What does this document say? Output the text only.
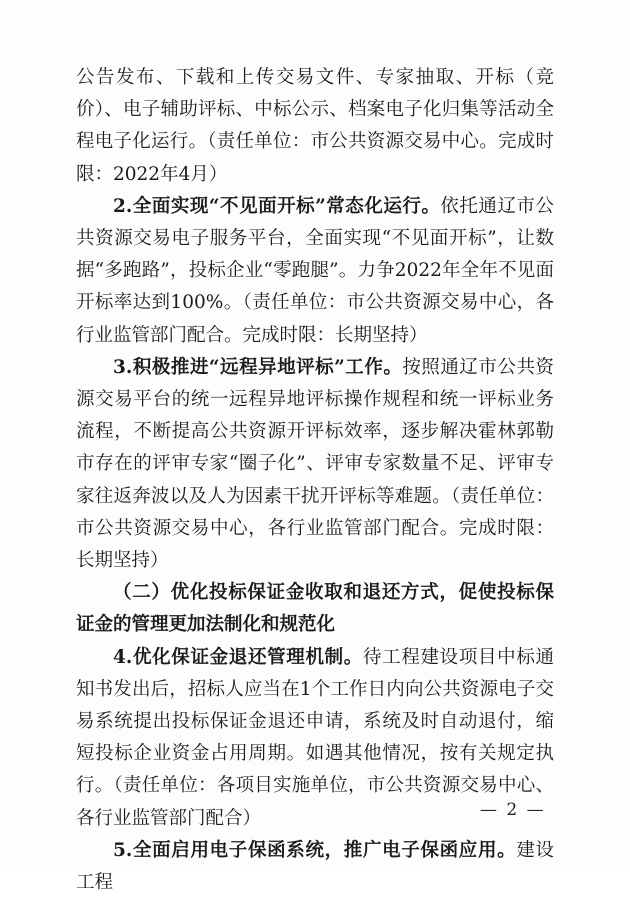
公告发布、下载和上传交易文件、专家抽取、开标（竞价）、电子辅助评标、中标公示、档案电子化归集等活动全程电子化运行。（责任单位：市公共资源交易中心。完成时限：2022年4月）

2.全面实现“不见面开标”常态化运行。依托通辽市公共资源交易电子服务平台，全面实现“不见面开标”，让数据“多跑路”，投标企业“零跑腿”。力争2022年全年不见面开标率达到100%。（责任单位：市公共资源交易中心，各行业监管部门配合。完成时限：长期坚持）

3.积极推进“远程异地评标”工作。按照通辽市公共资源交易平台的统一远程异地评标操作规程和统一评标业务流程，不断提高公共资源开评标效率，逐步解决霍林郭勒市存在的评审专家“圈子化”、评审专家数量不足、评审专家往返奔波以及人为因素干扰开评标等难题。（责任单位：市公共资源交易中心，各行业监管部门配合。完成时限：长期坚持）

（二）优化投标保证金收取和退还方式，促使投标保证金的管理更加法制化和规范化

4.优化保证金退还管理机制。待工程建设项目中标通知书发出后，招标人应当在1个工作日内向公共资源电子交易系统提出投标保证金退还申请，系统及时自动退付，缩短投标企业资金占用周期。如遇其他情况，按有关规定执行。（责任单位：各项目实施单位，市公共资源交易中心、各行业监管部门配合）

5.全面启用电子保函系统，推广电子保函应用。建设工程

— 2 —
